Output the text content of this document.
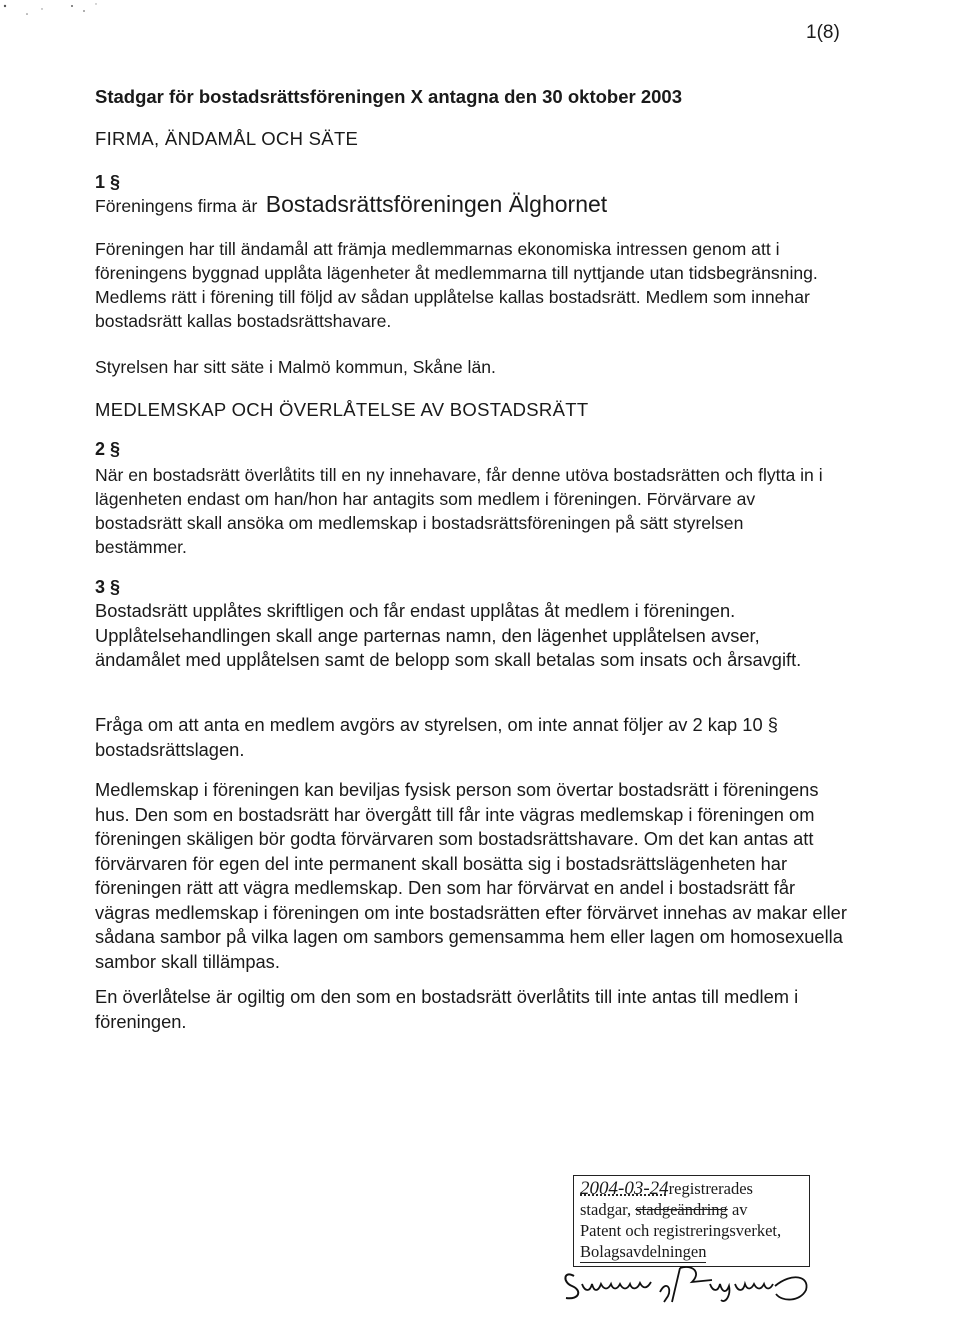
1(8)
Stadgar för bostadsrättsföreningen X antagna den 30 oktober 2003
FIRMA, ÄNDAMÅL OCH SÄTE
1 §
Föreningens firma är Bostadsrättsföreningen Älghornet

Föreningen har till ändamål att främja medlemmarnas ekonomiska intressen genom att i föreningens byggnad upplåta lägenheter åt medlemmarna till nyttjande utan tidsbegränsning. Medlems rätt i förening till följd av sådan upplåtelse kallas bostadsrätt. Medlem som innehar bostadsrätt kallas bostadsrättshavare.

Styrelsen har sitt säte i Malmö kommun, Skåne län.

MEDLEMSKAP OCH ÖVERLÅTELSE AV BOSTADSRÄTT
2 §

När en bostadsrätt överlåtits till en ny innehavare, får denne utöva bostadsrätten och flytta in i lägenheten endast om han/hon har antagits som medlem i föreningen. Förvärvare av bostadsrätt skall ansöka om medlemskap i bostadsrättsföreningen på sätt styrelsen bestämmer.

3 §

Bostadsrätt upplåtes skriftligen och får endast upplåtas åt medlem i föreningen. Upplåtelsehandlingen skall ange parternas namn, den lägenhet upplåtelsen avser, ändamålet med upplåtelsen samt de belopp som skall betalas som insats och årsavgift.

Fråga om att anta en medlem avgörs av styrelsen, om inte annat följer av 2 kap 10 § bostadsrättslagen.

Medlemskap i föreningen kan beviljas fysisk person som övertar bostadsrätt i föreningens hus. Den som en bostadsrätt har övergått till får inte vägras medlemskap i föreningen om föreningen skäligen bör godta förvärvaren som bostadsrättshavare. Om det kan antas att förvärvaren för egen del inte permanent skall bosätta sig i bostadsrättslägenheten har föreningen rätt att vägra medlemskap. Den som har förvärvat en andel i bostadsrätt får vägras medlemskap i föreningen om inte bostadsrätten efter förvärvet innehas av makar eller sådana sambor på vilka lagen om sambors gemensamma hem eller lagen om homosexuella sambor skall tillämpas.

En överlåtelse är ogiltig om den som en bostadsrätt överlåtits till inte antas till medlem i föreningen.

2004-03-24registrerades
stadgar, stadgeändring av
Patent och registreringsverket,
Bolagsavdelningen
